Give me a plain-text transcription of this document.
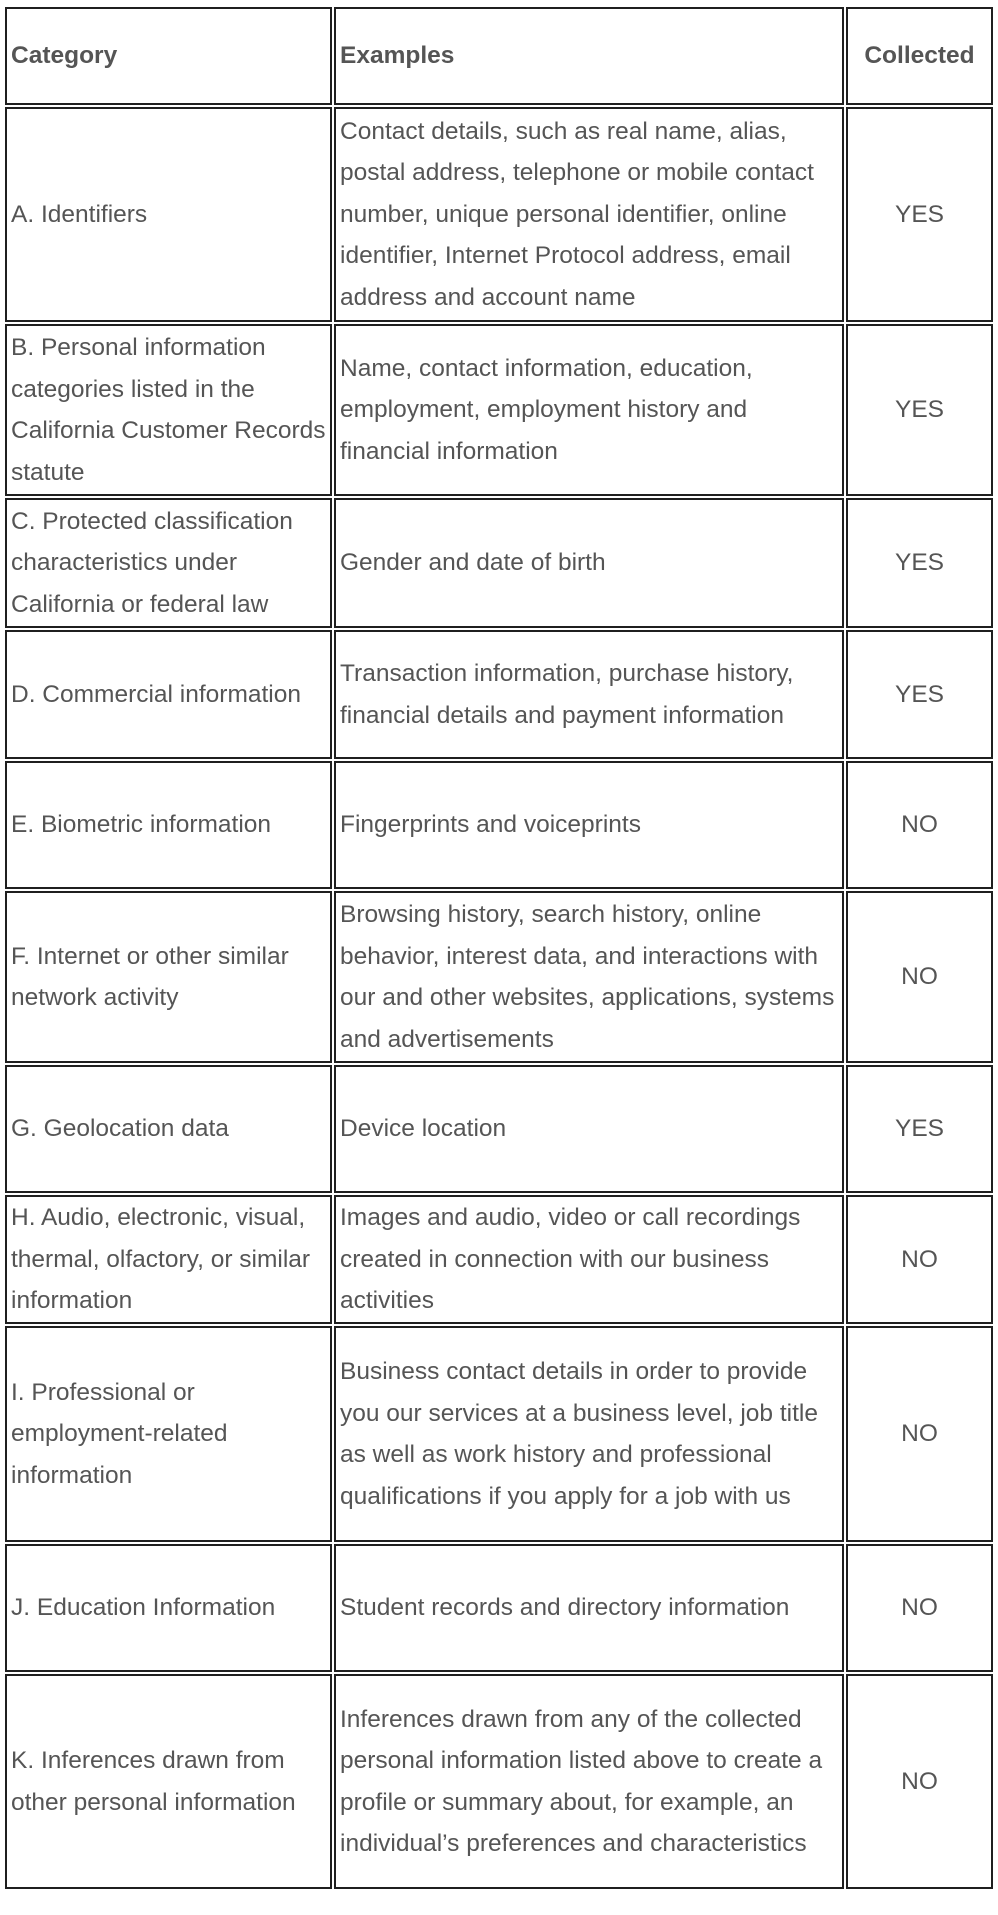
Category	Examples	Collected
A. Identifiers	Contact details, such as real name, alias, postal address, telephone or mobile contact number, unique personal identifier, online identifier, Internet Protocol address, email address and account name	YES
B. Personal information categories listed in the California Customer Records statute	Name, contact information, education, employment, employment history and financial information	YES
C. Protected classification characteristics under California or federal law	Gender and date of birth	YES
D. Commercial information	Transaction information, purchase history, financial details and payment information	YES
E. Biometric information	Fingerprints and voiceprints	NO
F. Internet or other similar network activity	Browsing history, search history, online behavior, interest data, and interactions with our and other websites, applications, systems and advertisements	NO
G. Geolocation data	Device location	YES
H. Audio, electronic, visual, thermal, olfactory, or similar information	Images and audio, video or call recordings created in connection with our business activities	NO
I. Professional or employment-related information	Business contact details in order to provide you our services at a business level, job title as well as work history and professional qualifications if you apply for a job with us	NO
J. Education Information	Student records and directory information	NO
K. Inferences drawn from other personal information	Inferences drawn from any of the collected personal information listed above to create a profile or summary about, for example, an individual’s preferences and characteristics	NO
